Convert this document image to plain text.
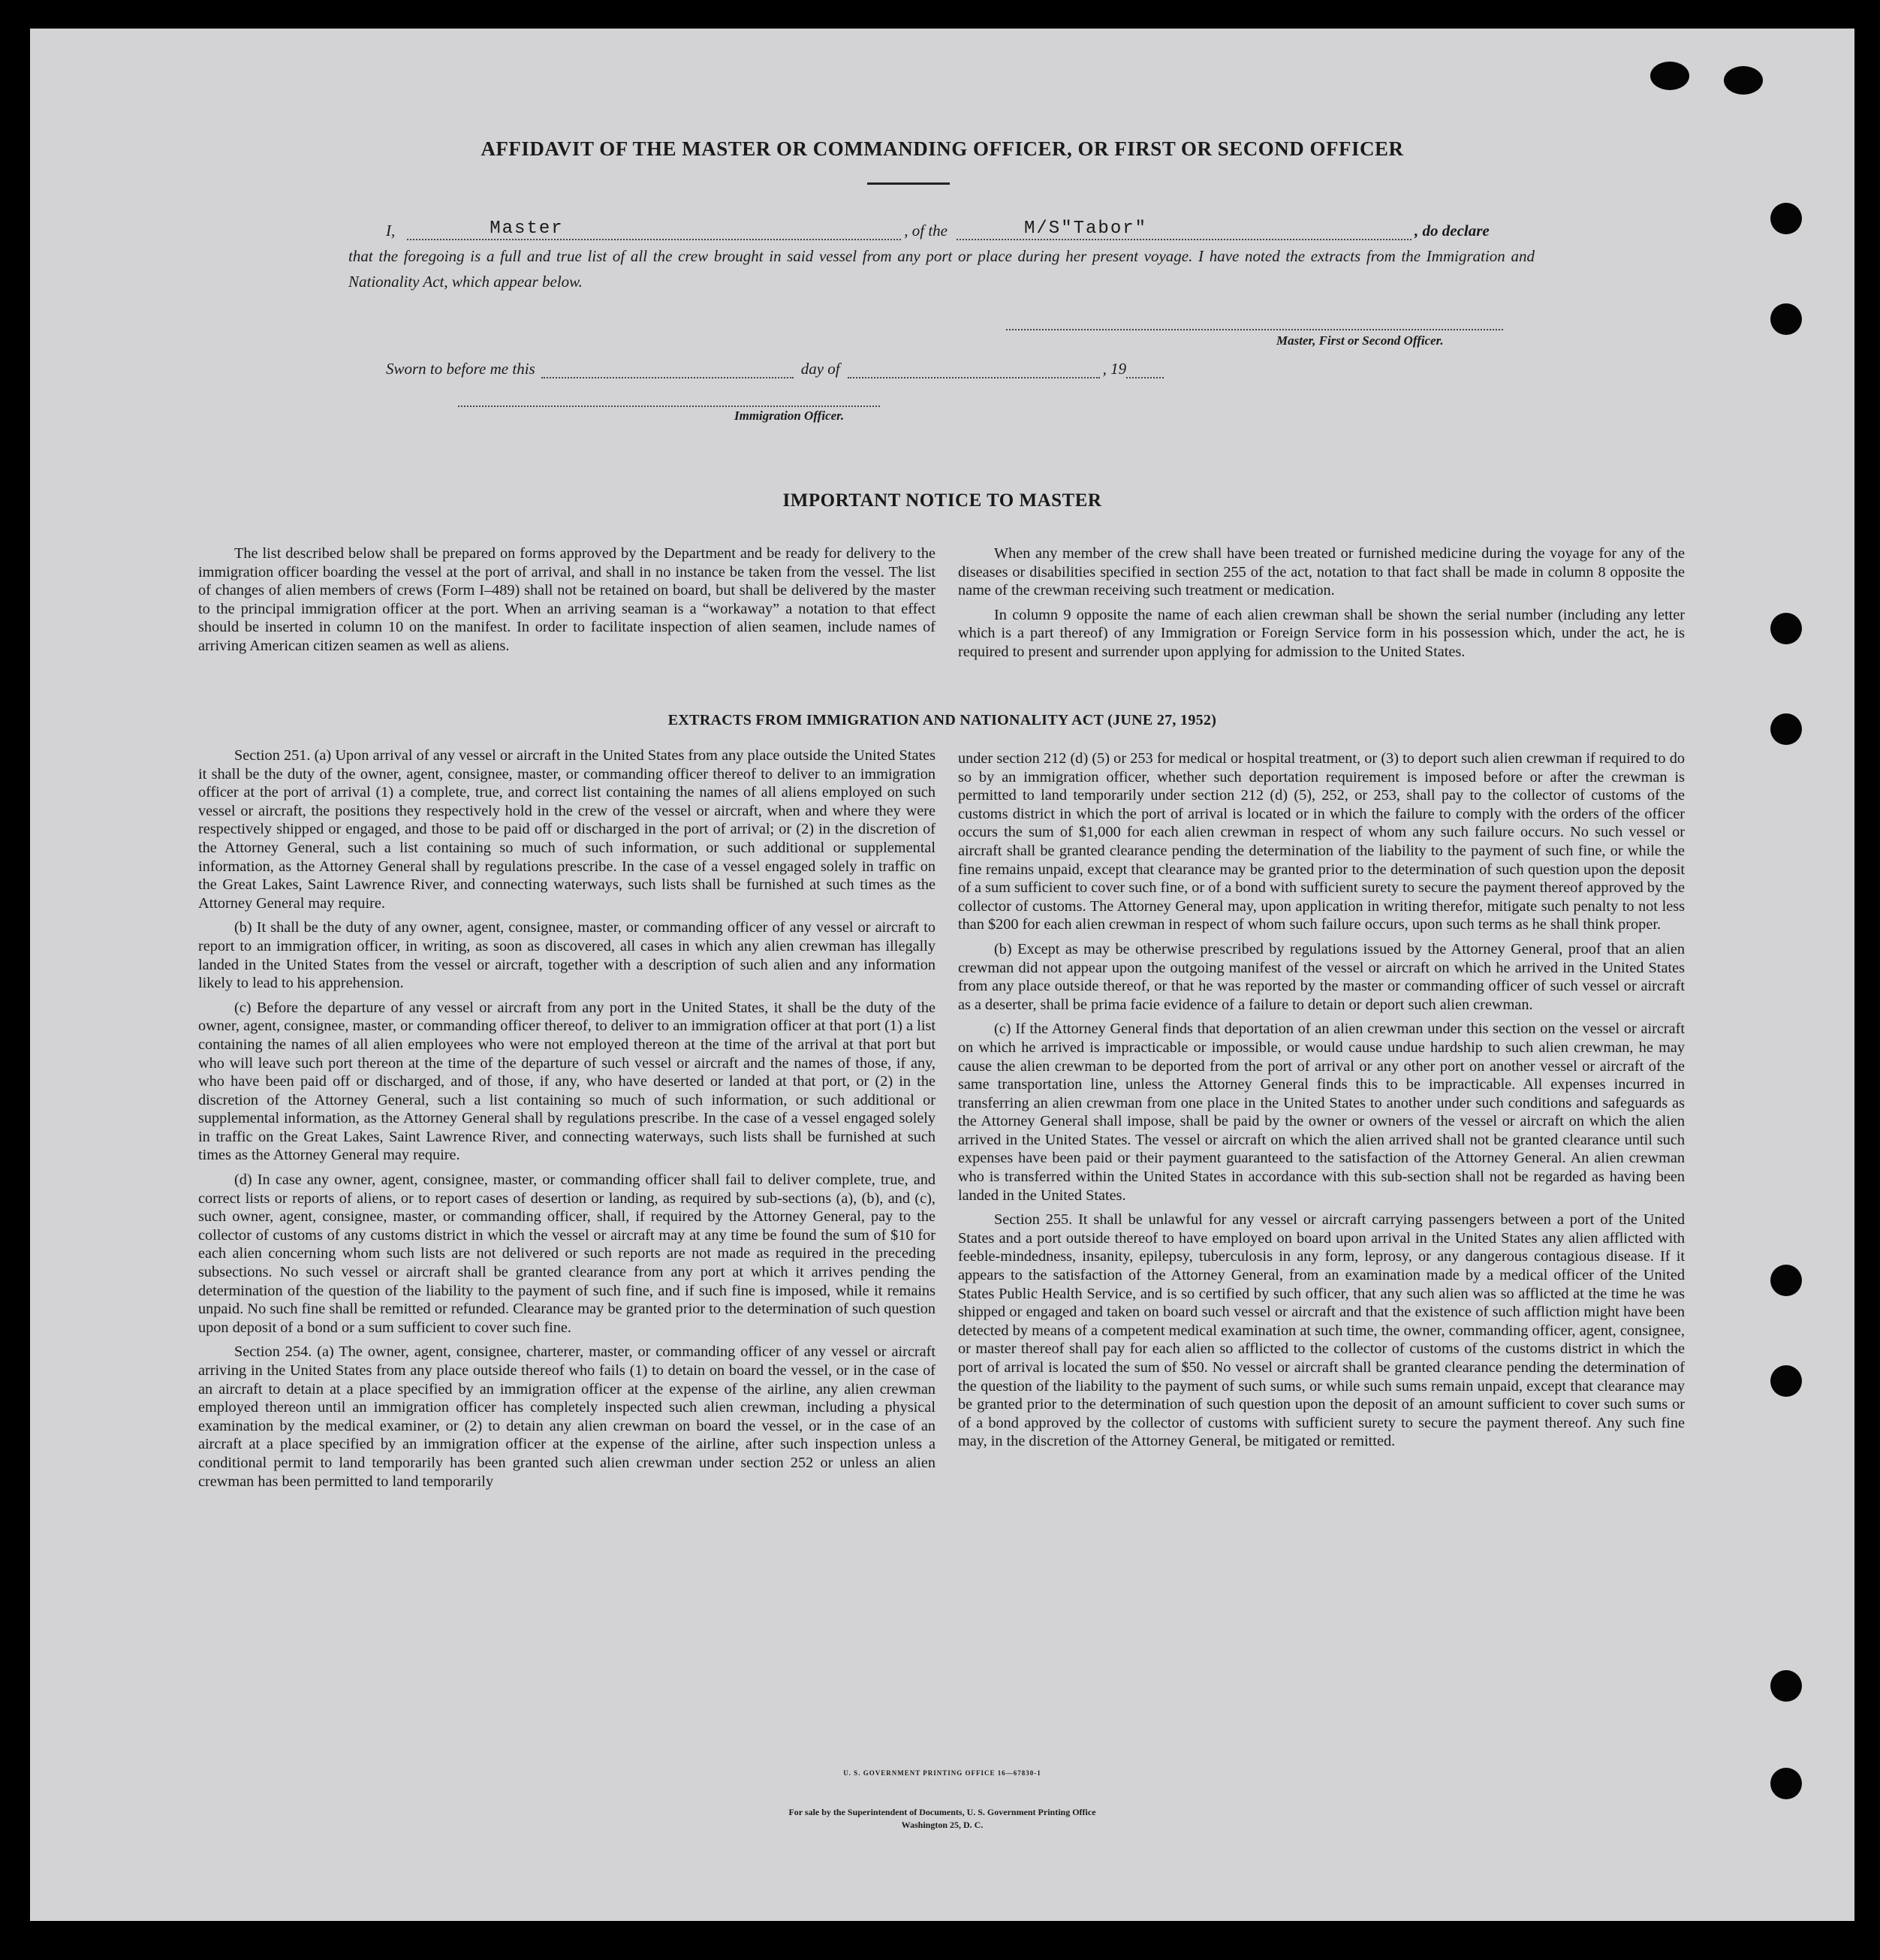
AFFIDAVIT OF THE MASTER OR COMMANDING OFFICER, OR FIRST OR SECOND OFFICER
I,	Master	, of the	M/S"Tabor"	, do declare
that the foregoing is a full and true list of all the crew brought in said vessel from any port or place during her present voyage. I have noted the extracts from the Immigration and Nationality Act, which appear below.
Master, First or Second Officer.
Sworn to before me this	day of	, 19
Immigration Officer.
IMPORTANT NOTICE TO MASTER

The list described below shall be prepared on forms approved by the Department and be ready for delivery to the immigration officer boarding the vessel at the port of arrival, and shall in no instance be taken from the vessel. The list of changes of alien members of crews (Form I–489) shall not be retained on board, but shall be delivered by the master to the principal immigration officer at the port. When an arriving seaman is a “workaway” a notation to that effect should be inserted in column 10 on the manifest. In order to facilitate inspection of alien seamen, include names of arriving American citizen seamen as well as aliens.

When any member of the crew shall have been treated or furnished medicine during the voyage for any of the diseases or disabilities specified in section 255 of the act, notation to that fact shall be made in column 8 opposite the name of the crewman receiving such treatment or medication.

In column 9 opposite the name of each alien crewman shall be shown the serial number (including any letter which is a part thereof) of any Immigration or Foreign Service form in his possession which, under the act, he is required to present and surrender upon applying for admission to the United States.

EXTRACTS FROM IMMIGRATION AND NATIONALITY ACT (JUNE 27, 1952)

Section 251. (a) Upon arrival of any vessel or aircraft in the United States from any place outside the United States it shall be the duty of the owner, agent, consignee, master, or commanding officer thereof to deliver to an immigration officer at the port of arrival (1) a complete, true, and correct list containing the names of all aliens employed on such vessel or aircraft, the positions they respectively hold in the crew of the vessel or aircraft, when and where they were respectively shipped or engaged, and those to be paid off or discharged in the port of arrival; or (2) in the discretion of the Attorney General, such a list containing so much of such information, or such additional or supplemental information, as the Attorney General shall by regulations prescribe. In the case of a vessel engaged solely in traffic on the Great Lakes, Saint Lawrence River, and connecting waterways, such lists shall be furnished at such times as the Attorney General may require.

(b) It shall be the duty of any owner, agent, consignee, master, or commanding officer of any vessel or aircraft to report to an immigration officer, in writing, as soon as discovered, all cases in which any alien crewman has illegally landed in the United States from the vessel or aircraft, together with a description of such alien and any information likely to lead to his apprehension.

(c) Before the departure of any vessel or aircraft from any port in the United States, it shall be the duty of the owner, agent, consignee, master, or commanding officer thereof, to deliver to an immigration officer at that port (1) a list containing the names of all alien employees who were not employed thereon at the time of the arrival at that port but who will leave such port thereon at the time of the departure of such vessel or aircraft and the names of those, if any, who have been paid off or discharged, and of those, if any, who have deserted or landed at that port, or (2) in the discretion of the Attorney General, such a list containing so much of such information, or such additional or supplemental information, as the Attorney General shall by regulations prescribe. In the case of a vessel engaged solely in traffic on the Great Lakes, Saint Lawrence River, and connecting waterways, such lists shall be furnished at such times as the Attorney General may require.

(d) In case any owner, agent, consignee, master, or commanding officer shall fail to deliver complete, true, and correct lists or reports of aliens, or to report cases of desertion or landing, as required by sub-sections (a), (b), and (c), such owner, agent, consignee, master, or commanding officer, shall, if required by the Attorney General, pay to the collector of customs of any customs district in which the vessel or aircraft may at any time be found the sum of $10 for each alien concerning whom such lists are not delivered or such reports are not made as required in the preceding subsections. No such vessel or aircraft shall be granted clearance from any port at which it arrives pending the determination of the question of the liability to the payment of such fine, and if such fine is imposed, while it remains unpaid. No such fine shall be remitted or refunded. Clearance may be granted prior to the determination of such question upon deposit of a bond or a sum sufficient to cover such fine.

Section 254. (a) The owner, agent, consignee, charterer, master, or commanding officer of any vessel or aircraft arriving in the United States from any place outside thereof who fails (1) to detain on board the vessel, or in the case of an aircraft to detain at a place specified by an immigration officer at the expense of the airline, any alien crewman employed thereon until an immigration officer has completely inspected such alien crewman, including a physical examination by the medical examiner, or (2) to detain any alien crewman on board the vessel, or in the case of an aircraft at a place specified by an immigration officer at the expense of the airline, after such inspection unless a conditional permit to land temporarily has been granted such alien crewman under section 252 or unless an alien crewman has been permitted to land temporarily

under section 212 (d) (5) or 253 for medical or hospital treatment, or (3) to deport such alien crewman if required to do so by an immigration officer, whether such deportation requirement is imposed before or after the crewman is permitted to land temporarily under section 212 (d) (5), 252, or 253, shall pay to the collector of customs of the customs district in which the port of arrival is located or in which the failure to comply with the orders of the officer occurs the sum of $1,000 for each alien crewman in respect of whom any such failure occurs. No such vessel or aircraft shall be granted clearance pending the determination of the liability to the payment of such fine, or while the fine remains unpaid, except that clearance may be granted prior to the determination of such question upon the deposit of a sum sufficient to cover such fine, or of a bond with sufficient surety to secure the payment thereof approved by the collector of customs. The Attorney General may, upon application in writing therefor, mitigate such penalty to not less than $200 for each alien crewman in respect of whom such failure occurs, upon such terms as he shall think proper.

(b) Except as may be otherwise prescribed by regulations issued by the Attorney General, proof that an alien crewman did not appear upon the outgoing manifest of the vessel or aircraft on which he arrived in the United States from any place outside thereof, or that he was reported by the master or commanding officer of such vessel or aircraft as a deserter, shall be prima facie evidence of a failure to detain or deport such alien crewman.

(c) If the Attorney General finds that deportation of an alien crewman under this section on the vessel or aircraft on which he arrived is impracticable or impossible, or would cause undue hardship to such alien crewman, he may cause the alien crewman to be deported from the port of arrival or any other port on another vessel or aircraft of the same transportation line, unless the Attorney General finds this to be impracticable. All expenses incurred in transferring an alien crewman from one place in the United States to another under such conditions and safeguards as the Attorney General shall impose, shall be paid by the owner or owners of the vessel or aircraft on which the alien arrived in the United States. The vessel or aircraft on which the alien arrived shall not be granted clearance until such expenses have been paid or their payment guaranteed to the satisfaction of the Attorney General. An alien crewman who is transferred within the United States in accordance with this sub-section shall not be regarded as having been landed in the United States.

Section 255. It shall be unlawful for any vessel or aircraft carrying passengers between a port of the United States and a port outside thereof to have employed on board upon arrival in the United States any alien afflicted with feeble-mindedness, insanity, epilepsy, tuberculosis in any form, leprosy, or any dangerous contagious disease. If it appears to the satisfaction of the Attorney General, from an examination made by a medical officer of the United States Public Health Service, and is so certified by such officer, that any such alien was so afflicted at the time he was shipped or engaged and taken on board such vessel or aircraft and that the existence of such affliction might have been detected by means of a competent medical examination at such time, the owner, commanding officer, agent, consignee, or master thereof shall pay for each alien so afflicted to the collector of customs of the customs district in which the port of arrival is located the sum of $50. No vessel or aircraft shall be granted clearance pending the determination of the question of the liability to the payment of such sums, or while such sums remain unpaid, except that clearance may be granted prior to the determination of such question upon the deposit of an amount sufficient to cover such sums or of a bond approved by the collector of customs with sufficient surety to secure the payment thereof. Any such fine may, in the discretion of the Attorney General, be mitigated or remitted.

U. S. GOVERNMENT PRINTING OFFICE 16—67830-1
For sale by the Superintendent of Documents, U. S. Government Printing Office
Washington 25, D. C.
